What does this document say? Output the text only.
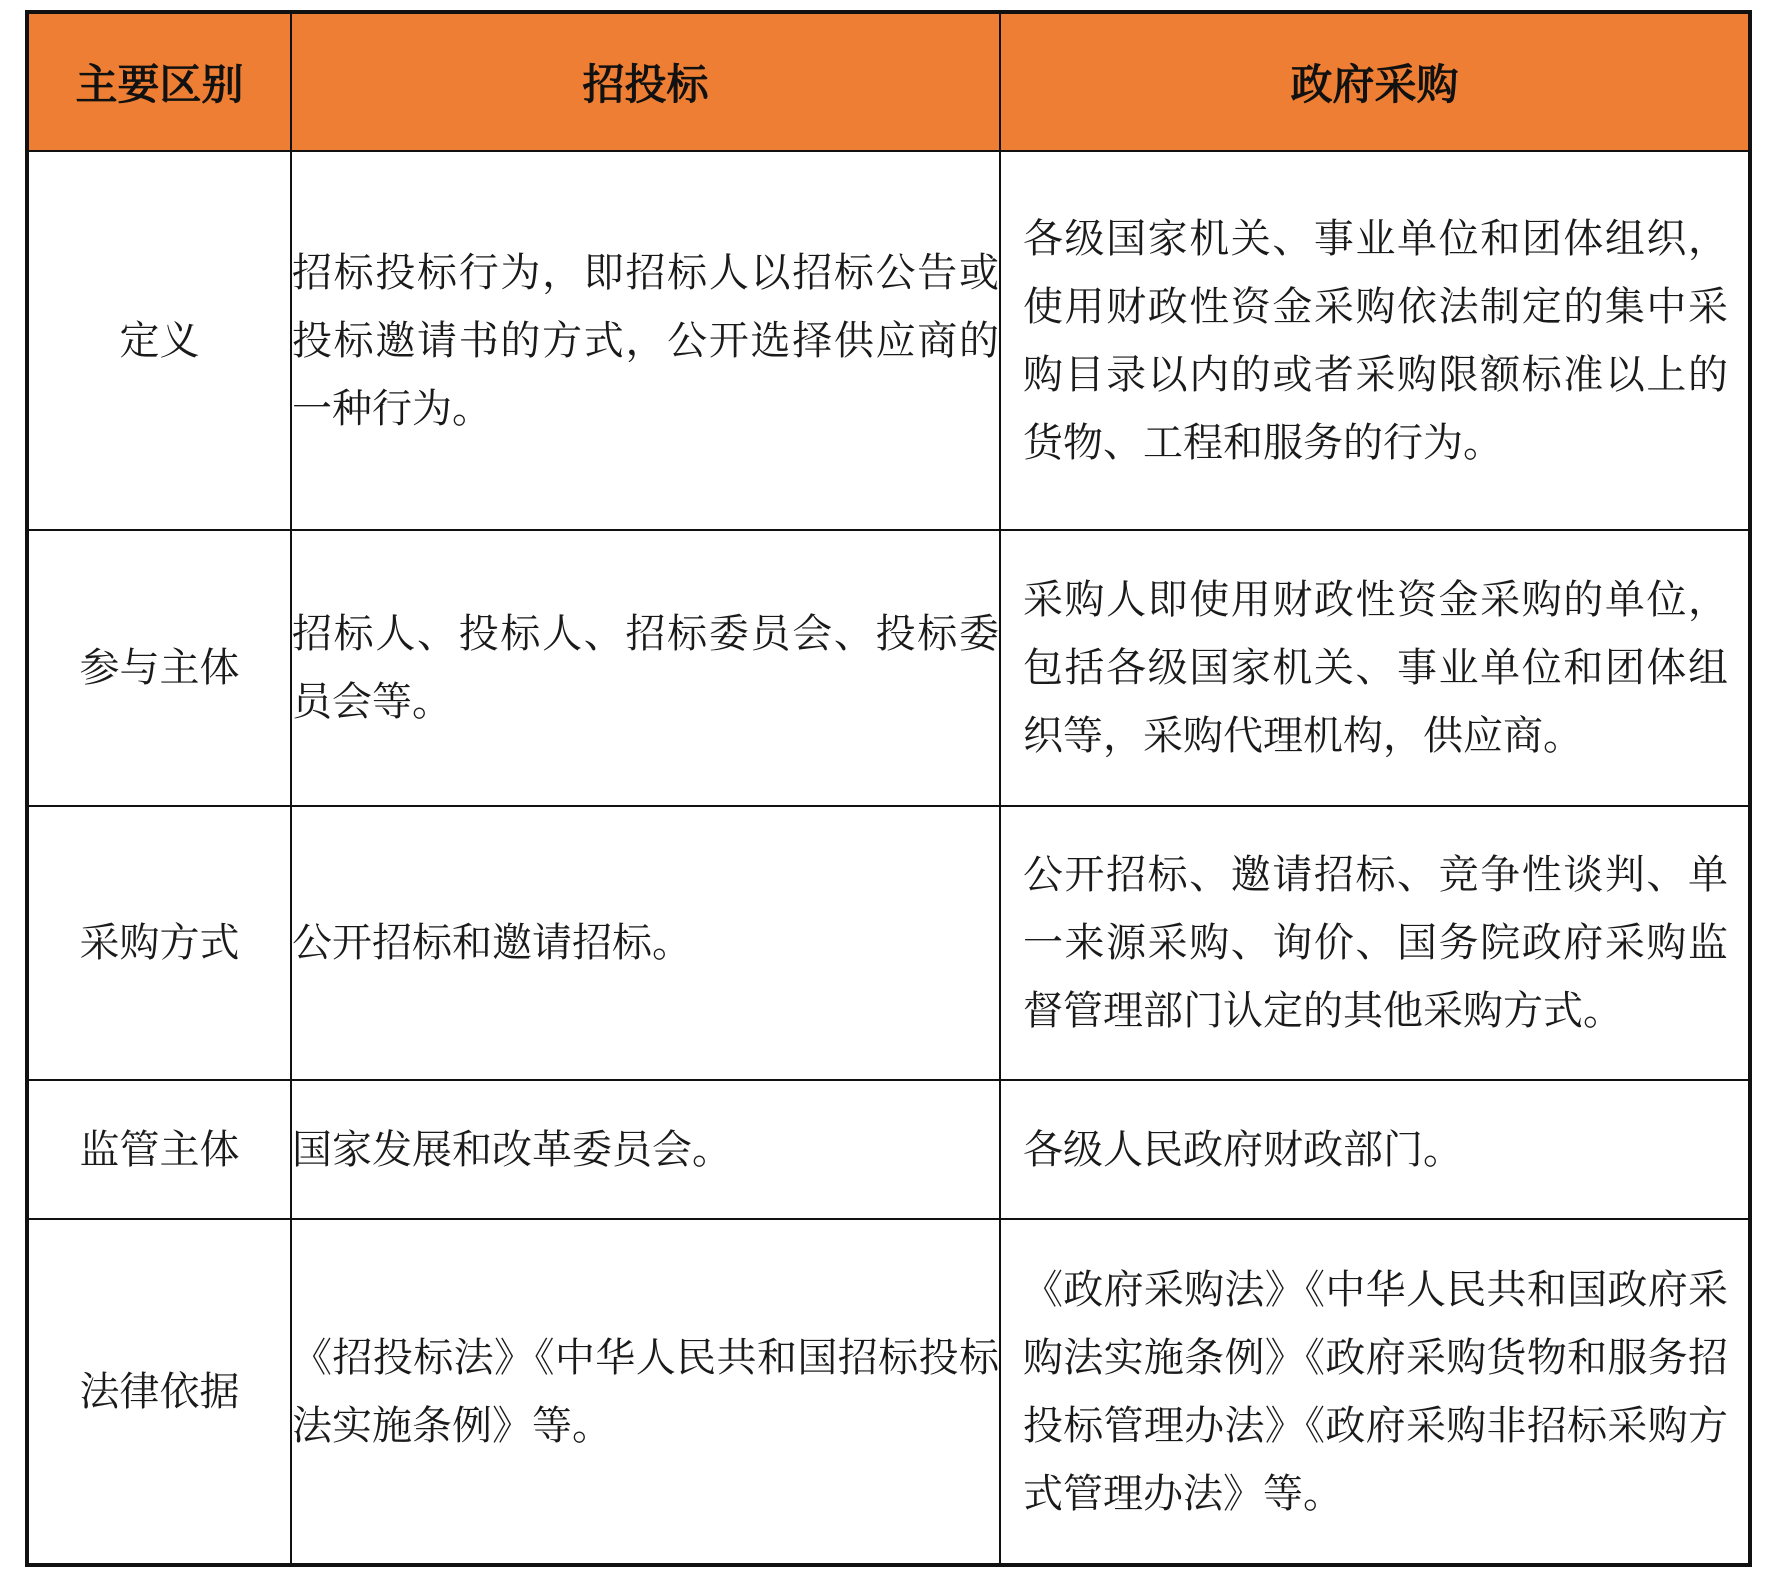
主要区别	招投标	政府采购
定义	招标投标行为，即招标人以招标公告或投标邀请书的方式，公开选择供应商的一种行为。	各级国家机关、事业单位和团体组织，使用财政性资金采购依法制定的集中采购目录以内的或者采购限额标准以上的货物、工程和服务的行为。
参与主体	招标人、投标人、招标委员会、投标委员会等。	采购人即使用财政性资金采购的单位，包括各级国家机关、事业单位和团体组织等，采购代理机构，供应商。
采购方式	公开招标和邀请招标。	公开招标、邀请招标、竞争性谈判、单一来源采购、询价、国务院政府采购监督管理部门认定的其他采购方式。
监管主体	国家发展和改革委员会。	各级人民政府财政部门。
法律依据	《招投标法》《中华人民共和国招标投标法实施条例》等。	《政府采购法》《中华人民共和国政府采购法实施条例》《政府采购货物和服务招投标管理办法》《政府采购非招标采购方式管理办法》等。
